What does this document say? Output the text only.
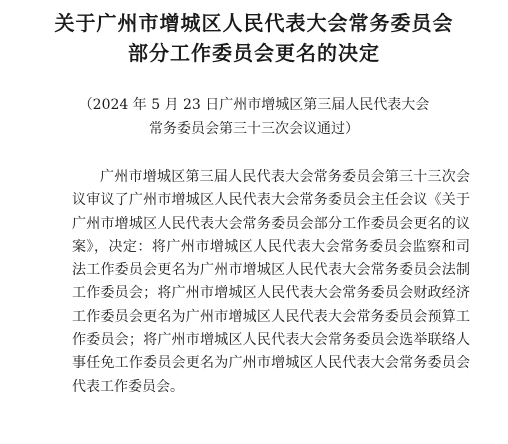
关于广州市增城区人民代表大会常务委员会
部分工作委员会更名的决定

（2024 年 5 月 23 日广州市增城区第三届人民代表大会

常务委员会第三十三次会议通过）

广州市增城区第三届人民代表大会常务委员会第三十三次会议审议了广州市增城区人民代表大会常务委员会主任会议《关于广州市增城区人民代表大会常务委员会部分工作委员会更名的议案》，决定：将广州市增城区人民代表大会常务委员会监察和司法工作委员会更名为广州市增城区人民代表大会常务委员会法制工作委员会；将广州市增城区人民代表大会常务委员会财政经济工作委员会更名为广州市增城区人民代表大会常务委员会预算工作委员会；将广州市增城区人民代表大会常务委员会选举联络人事任免工作委员会更名为广州市增城区人民代表大会常务委员会代表工作委员会。
